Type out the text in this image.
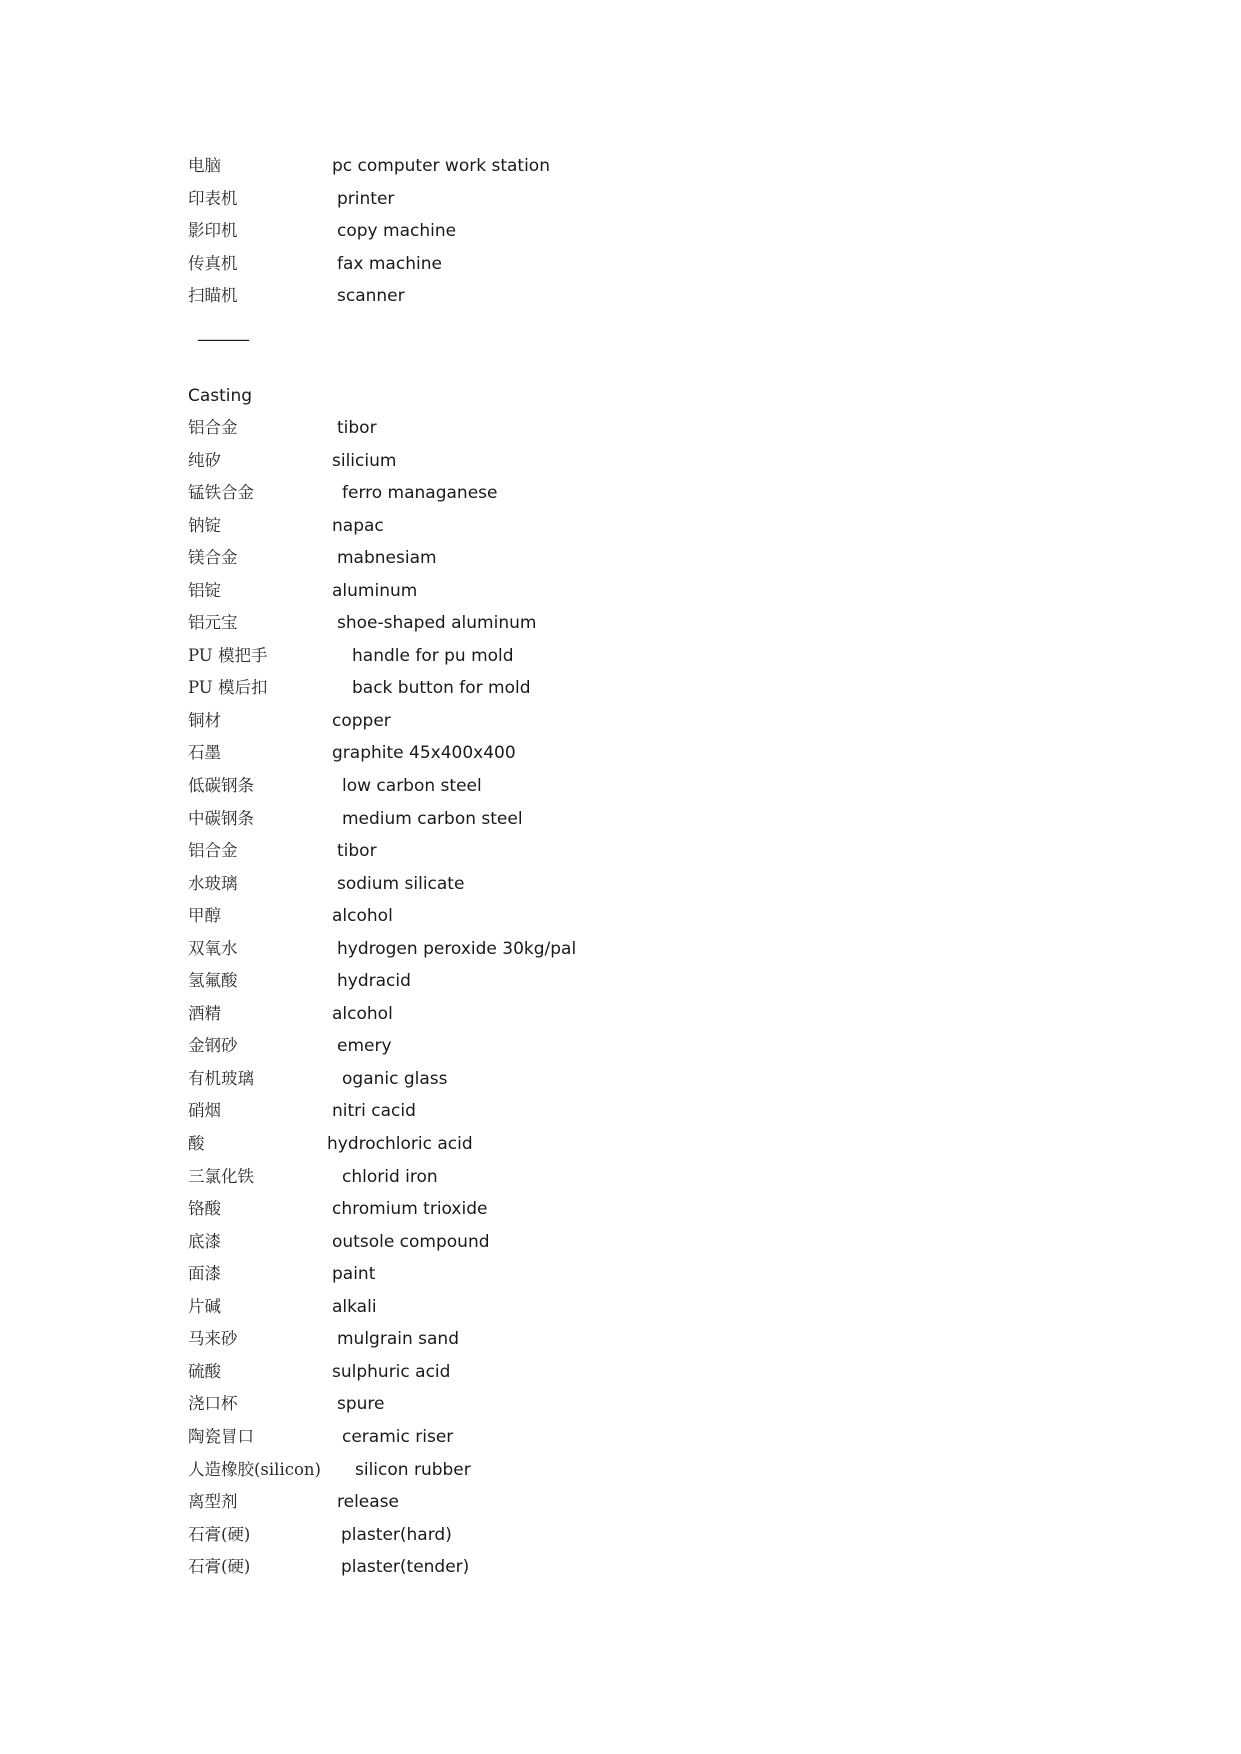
电脑	pc computer work station
印表机	printer
影印机	copy machine
传真机	fax machine
扫瞄机	scanner
______
Casting
铝合金	tibor
纯矽	silicium
锰铁合金	ferro managanese
钠锭	napac
镁合金	mabnesiam
铝锭	aluminum
铝元宝	shoe-shaped aluminum
PU 模把手	handle for pu mold
PU 模后扣	back button for mold
铜材	copper
石墨	graphite 45x400x400
低碳钢条	low carbon steel
中碳钢条	medium carbon steel
铝合金	tibor
水玻璃	sodium silicate
甲醇	alcohol
双氧水	hydrogen peroxide 30kg/pal
氢氟酸	hydracid
酒精	alcohol
金钢砂	emery
有机玻璃	oganic glass
硝烟	nitri cacid
酸	hydrochloric acid
三氯化铁	chlorid iron
铬酸	chromium trioxide
底漆	outsole compound
面漆	paint
片碱	alkali
马来砂	mulgrain sand
硫酸	sulphuric acid
浇口杯	spure
陶瓷冒口	ceramic riser
人造橡胶(silicon) silicon rubber
离型剂	release
石膏(硬)	plaster(hard)
石膏(硬)	plaster(tender)
